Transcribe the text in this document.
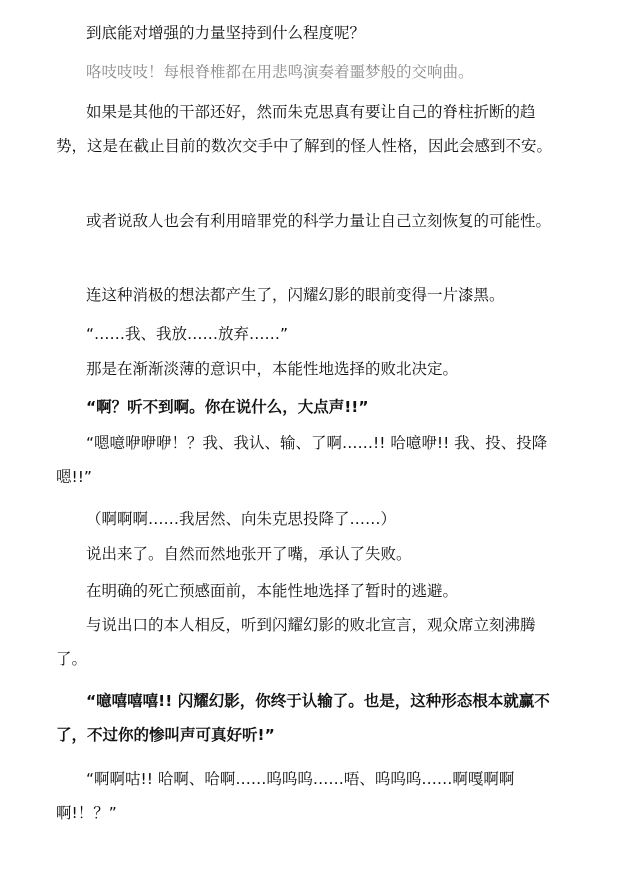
到底能对增强的力量坚持到什么程度呢？

咯吱吱吱！每根脊椎都在用悲鸣演奏着噩梦般的交响曲。

如果是其他的干部还好，然而朱克思真有要让自己的脊柱折断的趋势，这是在截止目前的数次交手中了解到的怪人性格，因此会感到不安。

或者说敌人也会有利用暗罪党的科学力量让自己立刻恢复的可能性。

连这种消极的想法都产生了，闪耀幻影的眼前变得一片漆黑。

“……我、我放……放弃……”

那是在渐渐淡薄的意识中，本能性地选择的败北决定。

“啊？听不到啊。你在说什么，大点声!!”

“嗯噫咿咿咿！？我、我认、输、了啊……!! 哈噫咿!! 我、投、投降嗯!!”

（啊啊啊……我居然、向朱克思投降了……）

说出来了。自然而然地张开了嘴，承认了失败。

在明确的死亡预感面前，本能性地选择了暂时的逃避。

与说出口的本人相反，听到闪耀幻影的败北宣言，观众席立刻沸腾了。

“噫嘻嘻嘻!! 闪耀幻影，你终于认输了。也是，这种形态根本就赢不了，不过你的惨叫声可真好听!”

“啊啊咕!! 哈啊、哈啊……呜呜呜……唔、呜呜呜……啊嘎啊啊啊!！？”
